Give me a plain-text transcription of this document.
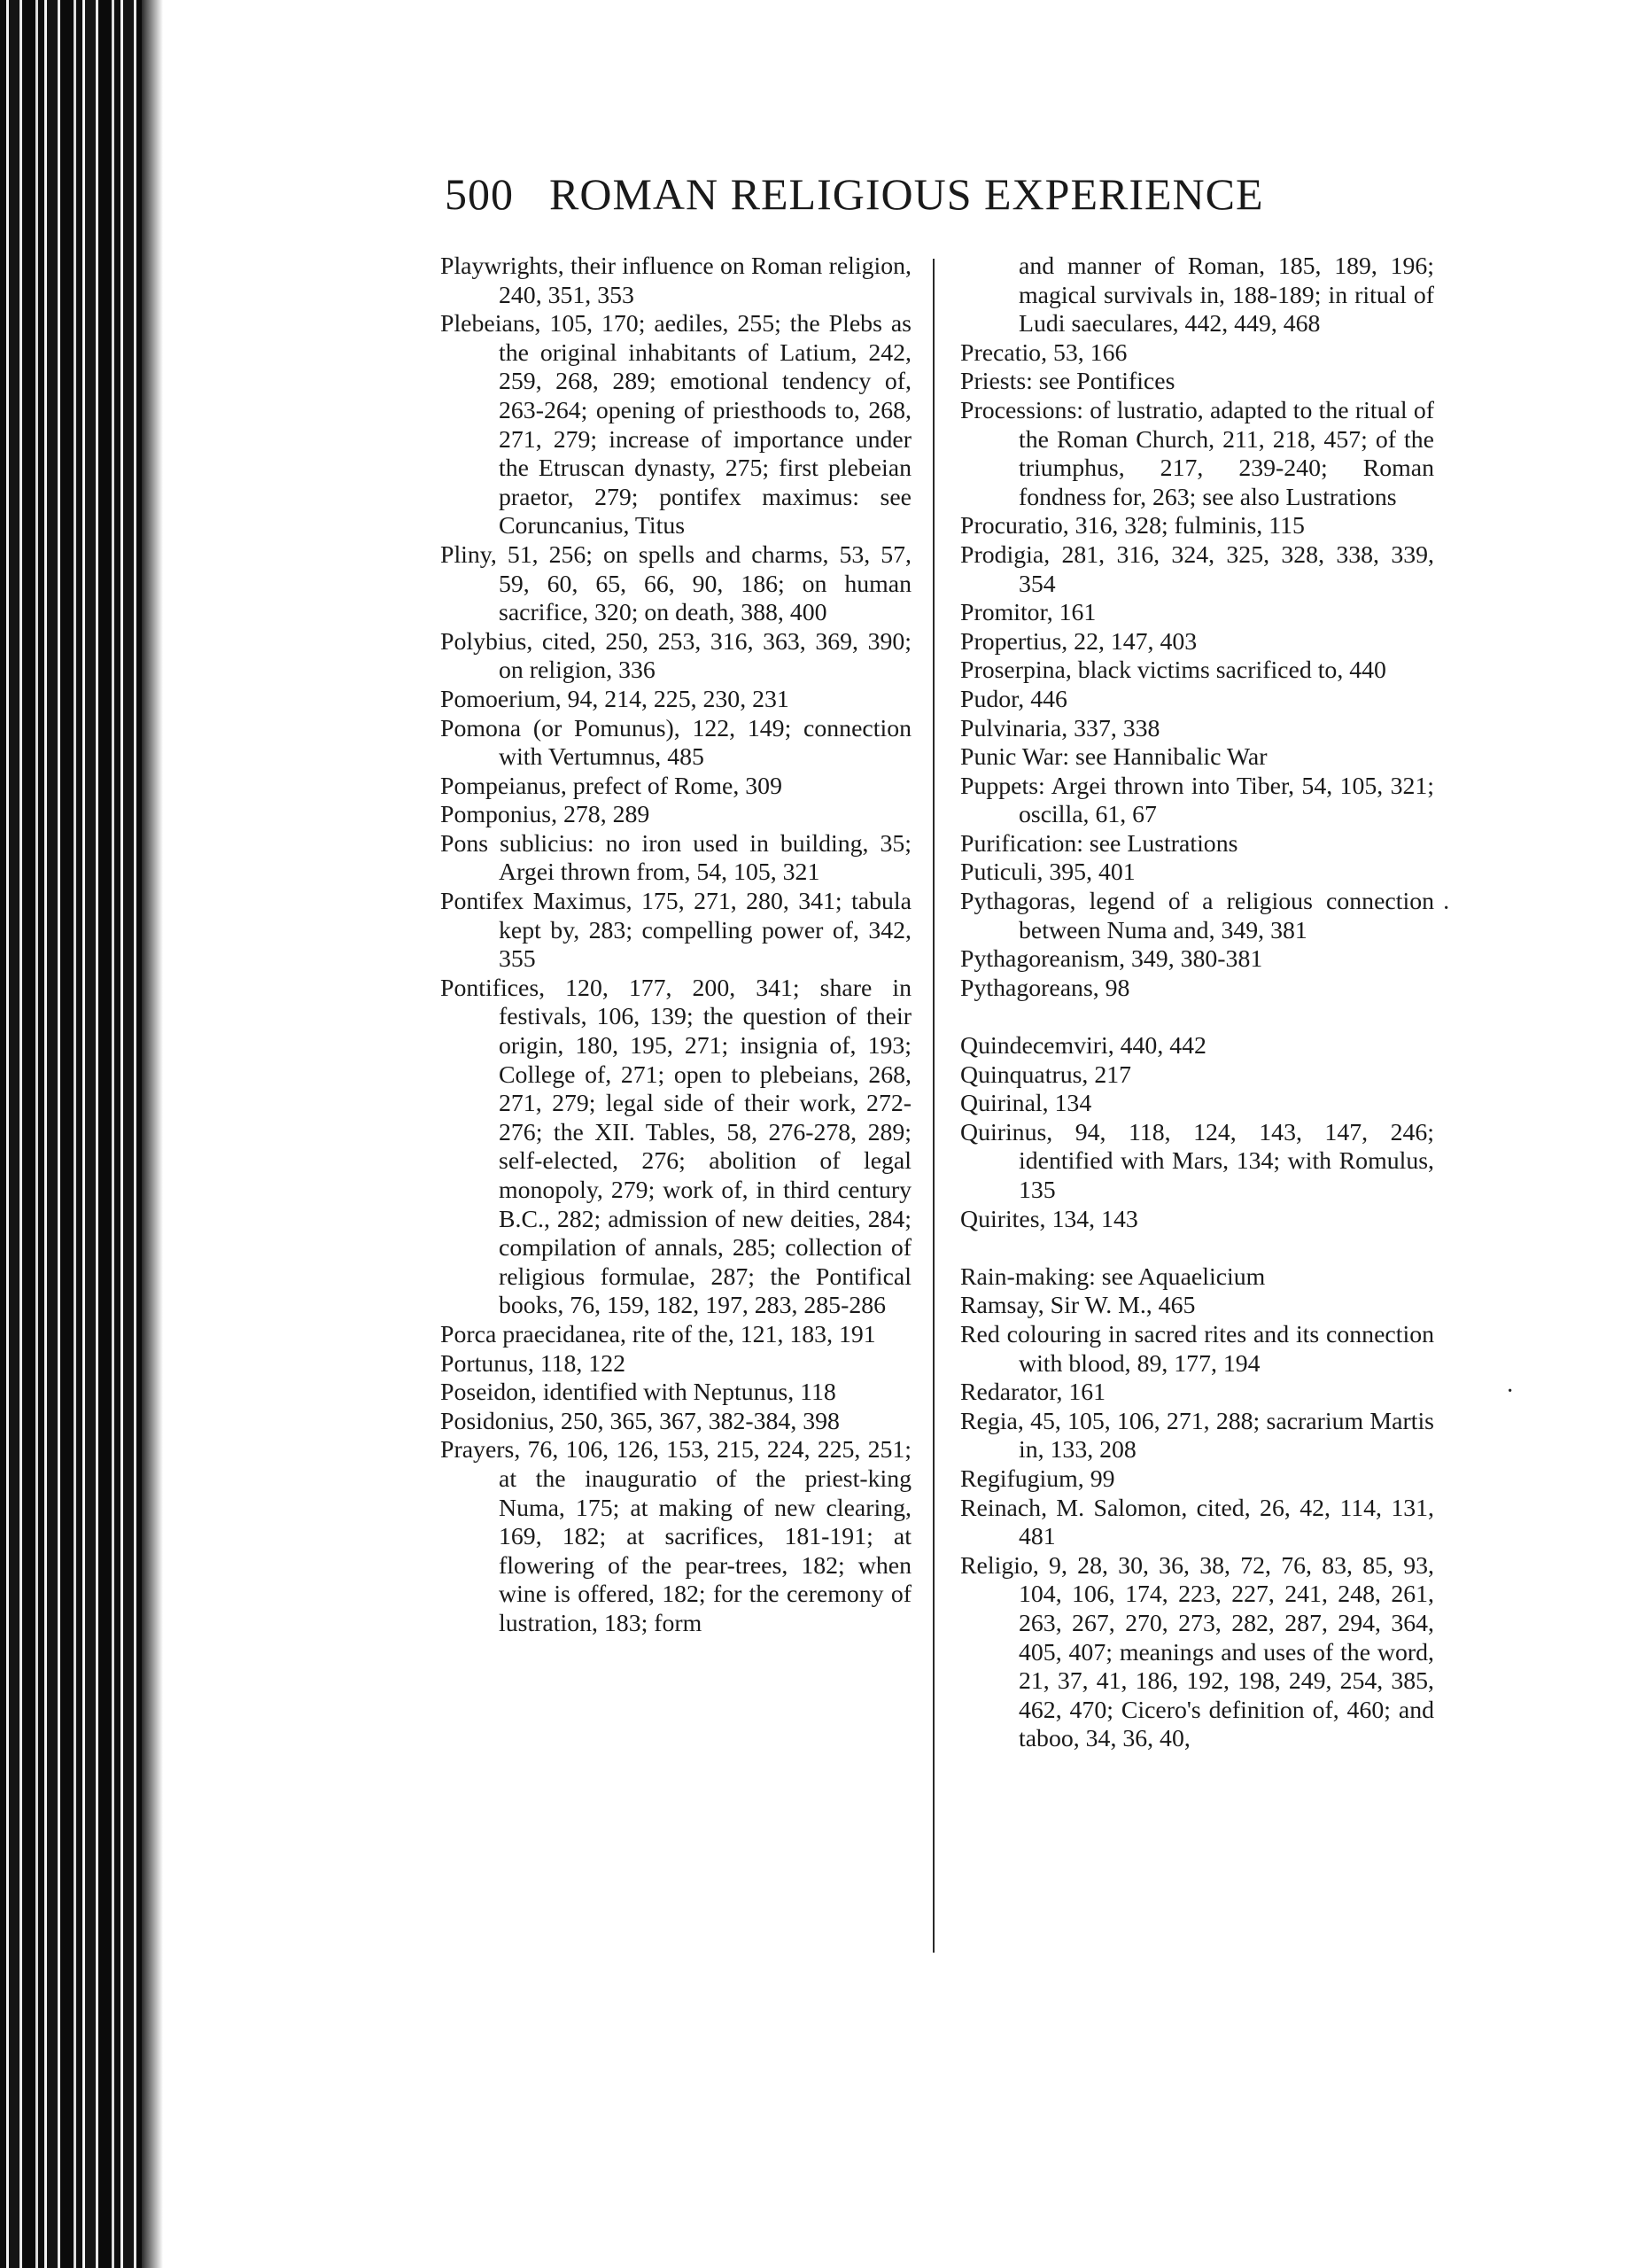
500 ROMAN RELIGIOUS EXPERIENCE
Playwrights, their influence on Roman religion, 240, 351, 353
Plebeians, 105, 170; aediles, 255; the Plebs as the original inhabitants of Latium, 242, 259, 268, 289; emotional tendency of, 263-264; opening of priesthoods to, 268, 271, 279; increase of importance under the Etruscan dynasty, 275; first plebeian praetor, 279; pontifex maximus: see Coruncanius, Titus
Pliny, 51, 256; on spells and charms, 53, 57, 59, 60, 65, 66, 90, 186; on human sacrifice, 320; on death, 388, 400
Polybius, cited, 250, 253, 316, 363, 369, 390; on religion, 336
Pomoerium, 94, 214, 225, 230, 231
Pomona (or Pomunus), 122, 149; connection with Vertumnus, 485
Pompeianus, prefect of Rome, 309
Pomponius, 278, 289
Pons sublicius: no iron used in building, 35; Argei thrown from, 54, 105, 321
Pontifex Maximus, 175, 271, 280, 341; tabula kept by, 283; compelling power of, 342, 355
Pontifices, 120, 177, 200, 341; share in festivals, 106, 139; the question of their origin, 180, 195, 271; insignia of, 193; College of, 271; open to plebeians, 268, 271, 279; legal side of their work, 272-276; the XII. Tables, 58, 276-278, 289; self-elected, 276; abolition of legal monopoly, 279; work of, in third century B.C., 282; admission of new deities, 284; compilation of annals, 285; collection of religious formulae, 287; the Pontifical books, 76, 159, 182, 197, 283, 285-286
Porca praecidanea, rite of the, 121, 183, 191
Portunus, 118, 122
Poseidon, identified with Neptunus, 118
Posidonius, 250, 365, 367, 382-384, 398
Prayers, 76, 106, 126, 153, 215, 224, 225, 251; at the inauguratio of the priest-king Numa, 175; at making of new clearing, 169, 182; at sacrifices, 181-191; at flowering of the pear-trees, 182; when wine is offered, 182; for the ceremony of lustration, 183; form
and manner of Roman, 185, 189, 196; magical survivals in, 188-189; in ritual of Ludi saeculares, 442, 449, 468
Precatio, 53, 166
Priests: see Pontifices
Processions: of lustratio, adapted to the ritual of the Roman Church, 211, 218, 457; of the triumphus, 217, 239-240; Roman fondness for, 263; see also Lustrations
Procuratio, 316, 328; fulminis, 115
Prodigia, 281, 316, 324, 325, 328, 338, 339, 354
Promitor, 161
Propertius, 22, 147, 403
Proserpina, black victims sacrificed to, 440
Pudor, 446
Pulvinaria, 337, 338
Punic War: see Hannibalic War
Puppets: Argei thrown into Tiber, 54, 105, 321; oscilla, 61, 67
Purification: see Lustrations
Puticuli, 395, 401
Pythagoras, legend of a religious connection between Numa and, 349, 381
Pythagoreanism, 349, 380-381
Pythagoreans, 98
Quindecemviri, 440, 442
Quinquatrus, 217
Quirinal, 134
Quirinus, 94, 118, 124, 143, 147, 246; identified with Mars, 134; with Romulus, 135
Quirites, 134, 143
Rain-making: see Aquaelicium
Ramsay, Sir W. M., 465
Red colouring in sacred rites and its connection with blood, 89, 177, 194
Redarator, 161
Regia, 45, 105, 106, 271, 288; sacrarium Martis in, 133, 208
Regifugium, 99
Reinach, M. Salomon, cited, 26, 42, 114, 131, 481
Religio, 9, 28, 30, 36, 38, 72, 76, 83, 85, 93, 104, 106, 174, 223, 227, 241, 248, 261, 263, 267, 270, 273, 282, 287, 294, 364, 405, 407; meanings and uses of the word, 21, 37, 41, 186, 192, 198, 249, 254, 385, 462, 470; Cicero's definition of, 460; and taboo, 34, 36, 40,
·
·
